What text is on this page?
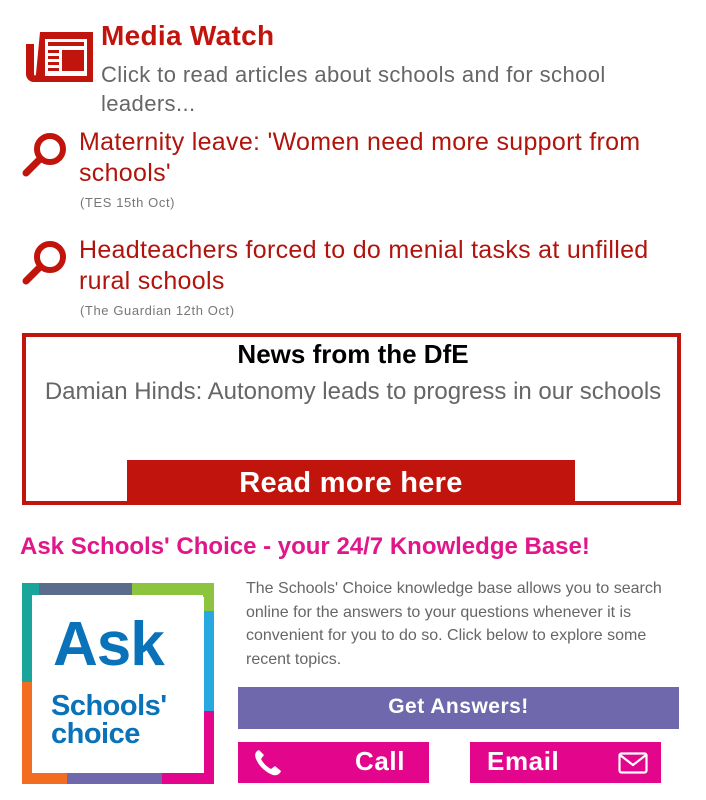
Media Watch
Click to read articles about schools and for school leaders...
Maternity leave: 'Women need more support from schools'
(TES 15th Oct)
Headteachers forced to do menial tasks at unfilled rural schools
(The Guardian 12th Oct)
News from the DfE
Damian Hinds: Autonomy leads to progress in our schools
Read more here
Ask Schools' Choice - your 24/7 Knowledge Base!
Ask
Schools'
choice
The Schools' Choice knowledge base allows you to search online for the answers to your questions whenever it is convenient for you to do so. Click below to explore some recent topics.
Get Answers!
Call	Email
